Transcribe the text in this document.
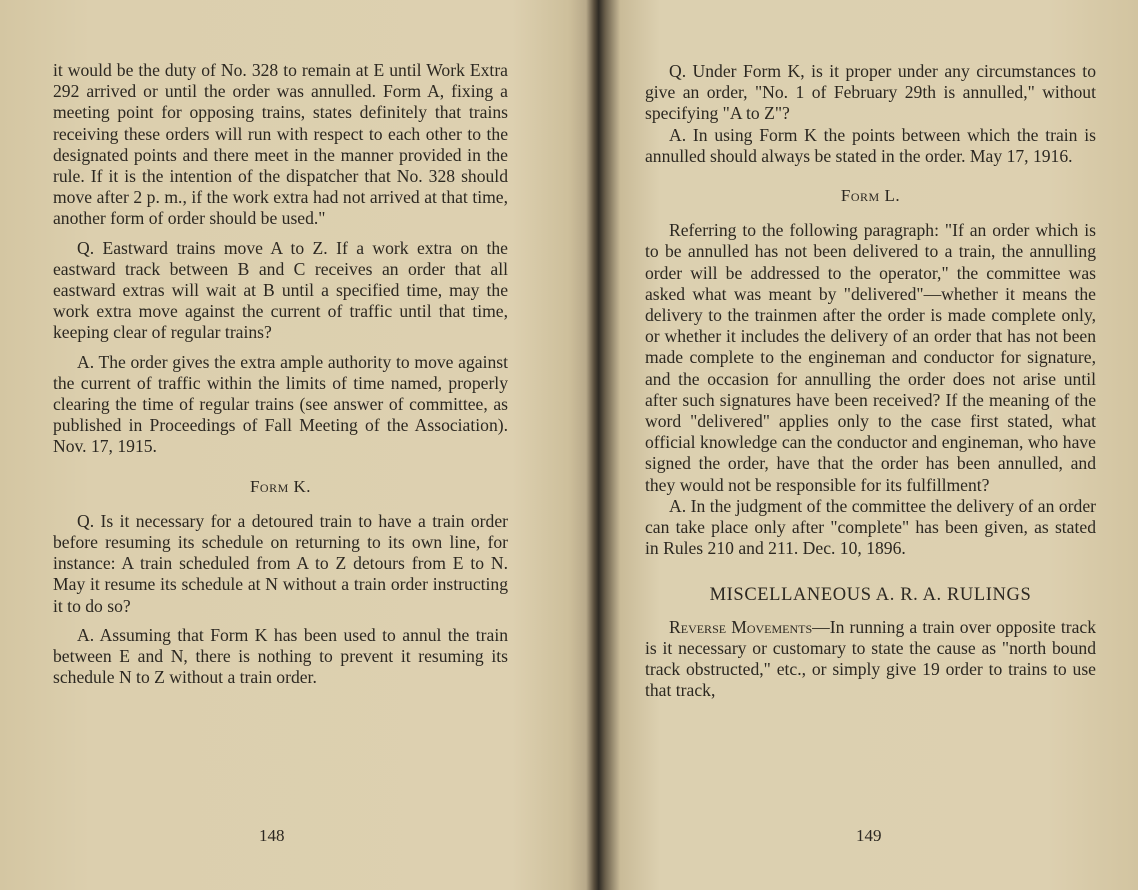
it would be the duty of No. 328 to remain at E until Work Extra 292 arrived or until the order was annulled. Form A, fixing a meeting point for opposing trains, states definitely that trains receiving these orders will run with respect to each other to the designated points and there meet in the manner provided in the rule. If it is the intention of the dispatcher that No. 328 should move after 2 p. m., if the work extra had not arrived at that time, another form of order should be used."

Q. Eastward trains move A to Z. If a work extra on the eastward track between B and C receives an order that all eastward extras will wait at B until a specified time, may the work extra move against the current of traffic until that time, keeping clear of regular trains?

A. The order gives the extra ample authority to move against the current of traffic within the limits of time named, properly clearing the time of regular trains (see answer of committee, as published in Proceedings of Fall Meeting of the Association). Nov. 17, 1915.

Form K.

Q. Is it necessary for a detoured train to have a train order before resuming its schedule on returning to its own line, for instance: A train scheduled from A to Z detours from E to N. May it resume its schedule at N without a train order instructing it to do so?

A. Assuming that Form K has been used to annul the train between E and N, there is nothing to prevent it resuming its schedule N to Z without a train order.

148

Q. Under Form K, is it proper under any circumstances to give an order, "No. 1 of February 29th is annulled," without specifying "A to Z"?

A. In using Form K the points between which the train is annulled should always be stated in the order. May 17, 1916.

Form L.

Referring to the following paragraph: "If an order which is to be annulled has not been delivered to a train, the annulling order will be addressed to the operator," the committee was asked what was meant by "delivered"—whether it means the delivery to the trainmen after the order is made complete only, or whether it includes the delivery of an order that has not been made complete to the engineman and conductor for signature, and the occasion for annulling the order does not arise until after such signatures have been received? If the meaning of the word "delivered" applies only to the case first stated, what official knowledge can the conductor and engineman, who have signed the order, have that the order has been annulled, and they would not be responsible for its fulfillment?

A. In the judgment of the committee the delivery of an order can take place only after "complete" has been given, as stated in Rules 210 and 211. Dec. 10, 1896.

MISCELLANEOUS A. R. A. RULINGS

Reverse Movements—In running a train over opposite track is it necessary or customary to state the cause as "north bound track obstructed," etc., or simply give 19 order to trains to use that track,

149
